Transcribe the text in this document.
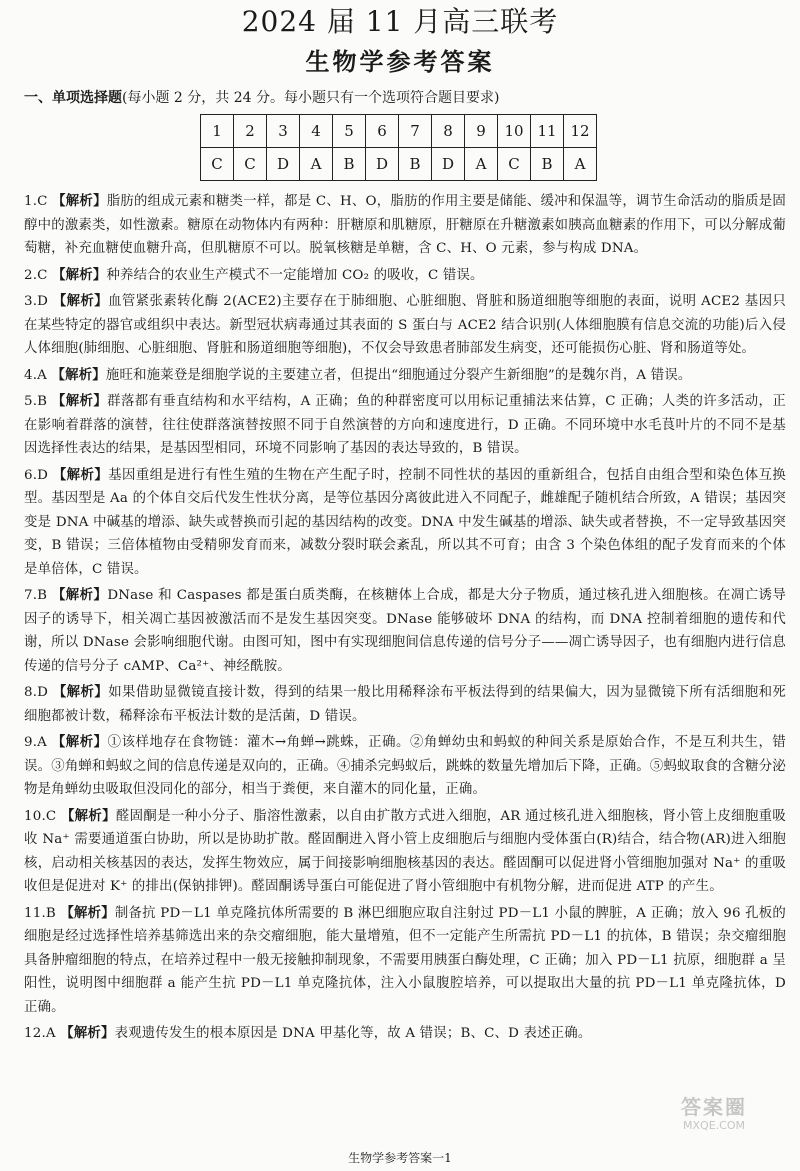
2024 届 11 月高三联考
生物学参考答案
一、单项选择题(每小题 2 分，共 24 分。每小题只有一个选项符合题目要求)
1	2	3	4	5	6	7	8	9	10	11	12
C	C	D	A	B	D	B	D	A	C	B	A
1.C 【解析】脂肪的组成元素和糖类一样，都是 C、H、O，脂肪的作用主要是储能、缓冲和保温等，调节生命活动的脂质是固醇中的激素类，如性激素。糖原在动物体内有两种：肝糖原和肌糖原，肝糖原在升糖激素如胰高血糖素的作用下，可以分解成葡萄糖，补充血糖使血糖升高，但肌糖原不可以。脱氧核糖是单糖，含 C、H、O 元素，参与构成 DNA。
2.C 【解析】种养结合的农业生产模式不一定能增加 CO₂ 的吸收，C 错误。
3.D 【解析】血管紧张素转化酶 2(ACE2)主要存在于肺细胞、心脏细胞、肾脏和肠道细胞等细胞的表面，说明 ACE2 基因只在某些特定的器官或组织中表达。新型冠状病毒通过其表面的 S 蛋白与 ACE2 结合识别(人体细胞膜有信息交流的功能)后入侵人体细胞(肺细胞、心脏细胞、肾脏和肠道细胞等细胞)，不仅会导致患者肺部发生病变，还可能损伤心脏、肾和肠道等处。
4.A 【解析】施旺和施莱登是细胞学说的主要建立者，但提出“细胞通过分裂产生新细胞”的是魏尔肖，A 错误。
5.B 【解析】群落都有垂直结构和水平结构，A 正确；鱼的种群密度可以用标记重捕法来估算，C 正确；人类的许多活动，正在影响着群落的演替，往往使群落演替按照不同于自然演替的方向和速度进行，D 正确。不同环境中水毛茛叶片的不同不是基因选择性表达的结果，是基因型相同，环境不同影响了基因的表达导致的，B 错误。
6.D 【解析】基因重组是进行有性生殖的生物在产生配子时，控制不同性状的基因的重新组合，包括自由组合型和染色体互换型。基因型是 Aa 的个体自交后代发生性状分离，是等位基因分离彼此进入不同配子，雌雄配子随机结合所致，A 错误；基因突变是 DNA 中碱基的增添、缺失或替换而引起的基因结构的改变。DNA 中发生碱基的增添、缺失或者替换，不一定导致基因突变，B 错误；三倍体植物由受精卵发育而来，减数分裂时联会紊乱，所以其不可育；由含 3 个染色体组的配子发育而来的个体是单倍体，C 错误。
7.B 【解析】DNase 和 Caspases 都是蛋白质类酶，在核糖体上合成，都是大分子物质，通过核孔进入细胞核。在凋亡诱导因子的诱导下，相关凋亡基因被激活而不是发生基因突变。DNase 能够破坏 DNA 的结构，而 DNA 控制着细胞的遗传和代谢，所以 DNase 会影响细胞代谢。由图可知，图中有实现细胞间信息传递的信号分子——凋亡诱导因子，也有细胞内进行信息传递的信号分子 cAMP、Ca²⁺、神经酰胺。
8.D 【解析】如果借助显微镜直接计数，得到的结果一般比用稀释涂布平板法得到的结果偏大，因为显微镜下所有活细胞和死细胞都被计数，稀释涂布平板法计数的是活菌，D 错误。
9.A 【解析】①该样地存在食物链：灌木→角蝉→跳蛛，正确。②角蝉幼虫和蚂蚁的种间关系是原始合作，不是互利共生，错误。③角蝉和蚂蚁之间的信息传递是双向的，正确。④捕杀完蚂蚁后，跳蛛的数量先增加后下降，正确。⑤蚂蚁取食的含糖分泌物是角蝉幼虫吸取但没同化的部分，相当于粪便，来自灌木的同化量，正确。
10.C 【解析】醛固酮是一种小分子、脂溶性激素，以自由扩散方式进入细胞，AR 通过核孔进入细胞核，肾小管上皮细胞重吸收 Na⁺ 需要通道蛋白协助，所以是协助扩散。醛固酮进入肾小管上皮细胞后与细胞内受体蛋白(R)结合，结合物(AR)进入细胞核，启动相关核基因的表达，发挥生物效应，属于间接影响细胞核基因的表达。醛固酮可以促进肾小管细胞加强对 Na⁺ 的重吸收但是促进对 K⁺ 的排出(保钠排钾)。醛固酮诱导蛋白可能促进了肾小管细胞中有机物分解，进而促进 ATP 的产生。
11.B 【解析】制备抗 PD－L1 单克隆抗体所需要的 B 淋巴细胞应取自注射过 PD－L1 小鼠的脾脏，A 正确；放入 96 孔板的细胞是经过选择性培养基筛选出来的杂交瘤细胞，能大量增殖，但不一定能产生所需抗 PD－L1 的抗体，B 错误；杂交瘤细胞具备肿瘤细胞的特点，在培养过程中一般无接触抑制现象，不需要用胰蛋白酶处理，C 正确；加入 PD－L1 抗原，细胞群 a 呈阳性，说明图中细胞群 a 能产生抗 PD－L1 单克隆抗体，注入小鼠腹腔培养，可以提取出大量的抗 PD－L1 单克隆抗体，D 正确。
12.A 【解析】表观遗传发生的根本原因是 DNA 甲基化等，故 A 错误；B、C、D 表述正确。
生物学参考答案一1
答案圈
MXQE.COM
